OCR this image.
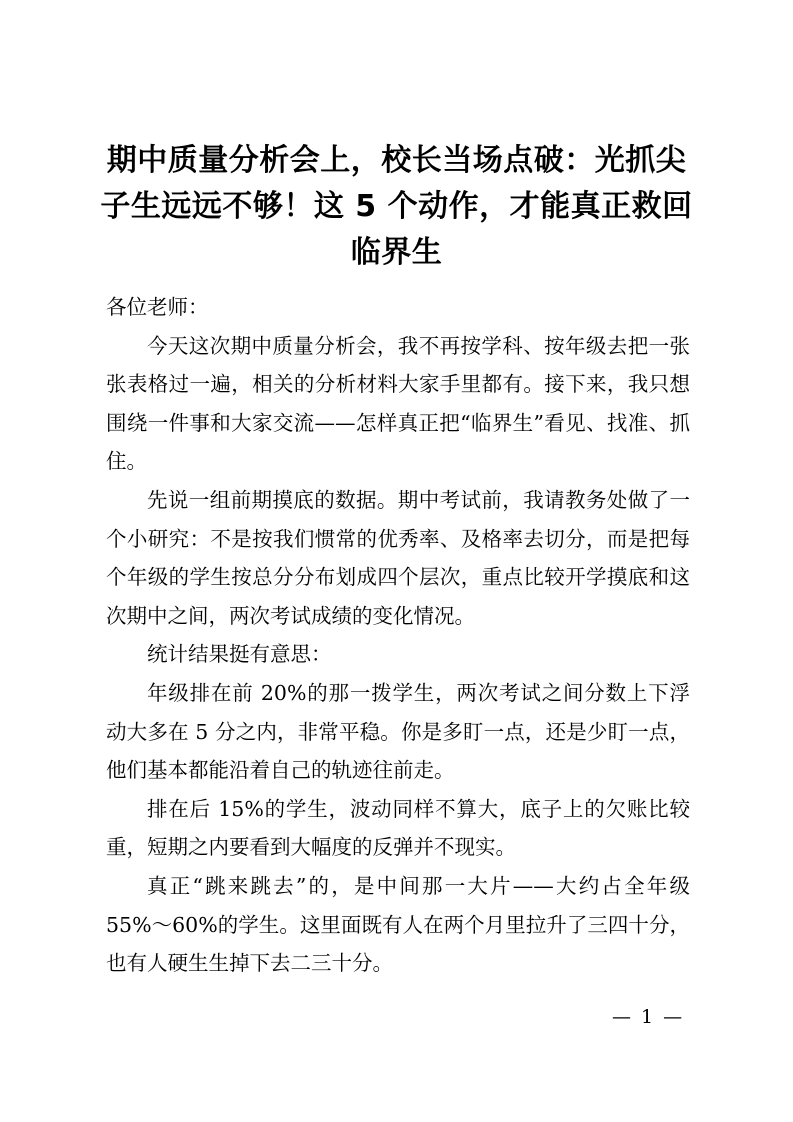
期中质量分析会上，校长当场点破：光抓尖子生远远不够！这 5 个动作，才能真正救回临界生

各位老师：

今天这次期中质量分析会，我不再按学科、按年级去把一张张表格过一遍，相关的分析材料大家手里都有。接下来，我只想围绕一件事和大家交流——怎样真正把“临界生”看见、找准、抓住。

先说一组前期摸底的数据。期中考试前，我请教务处做了一个小研究：不是按我们惯常的优秀率、及格率去切分，而是把每个年级的学生按总分分布划成四个层次，重点比较开学摸底和这次期中之间，两次考试成绩的变化情况。

统计结果挺有意思：

年级排在前 20%的那一拨学生，两次考试之间分数上下浮动大多在 5 分之内，非常平稳。你是多盯一点，还是少盯一点，他们基本都能沿着自己的轨迹往前走。

排在后 15%的学生，波动同样不算大，底子上的欠账比较重，短期之内要看到大幅度的反弹并不现实。

真正“跳来跳去”的，是中间那一大片——大约占全年级 55%～60%的学生。这里面既有人在两个月里拉升了三四十分，也有人硬生生掉下去二三十分。

— 1 —
